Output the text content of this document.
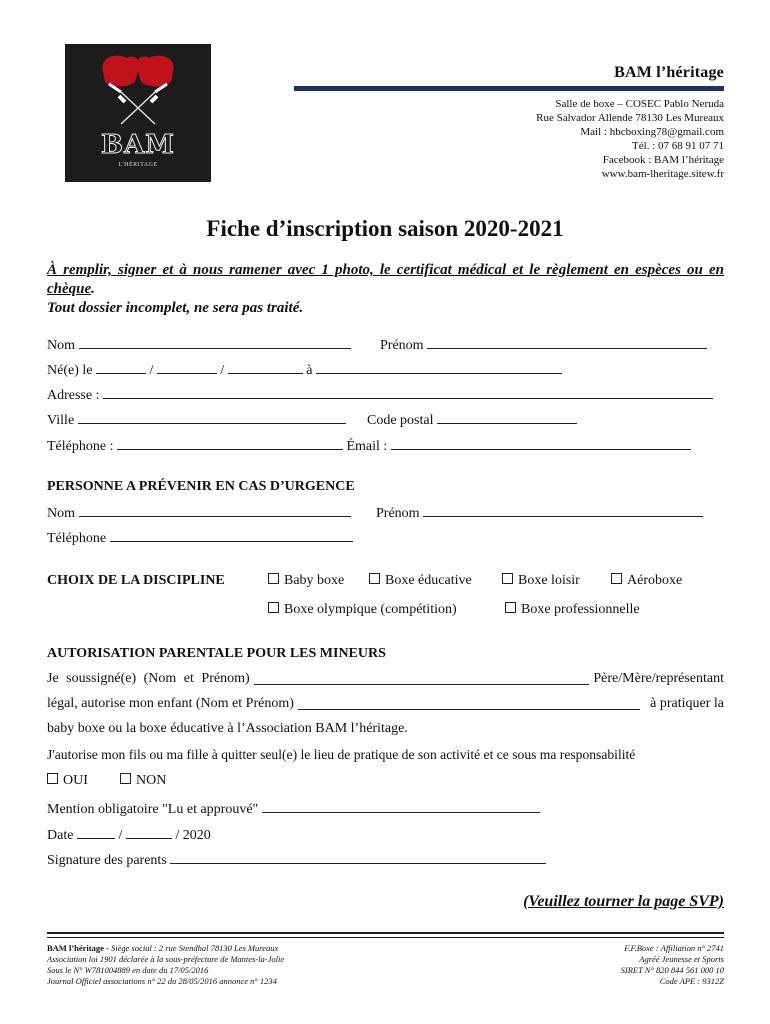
BAM
L'HÉRITAGE
BAM l’héritage
Salle de boxe – COSEC Pablo Neruda
Rue Salvador Allende 78130 Les Mureaux
Mail : hbcboxing78@gmail.com
Tél. : 07 68 91 07 71
Facebook : BAM l’héritage
www.bam-lheritage.sitew.fr
Fiche d’inscription saison 2020-2021
À remplir, signer et à nous ramener avec 1 photo, le certificat médical et le règlement en espèces ou en chèque.
Tout dossier incomplet, ne sera pas traité.
Nom	Prénom
Né(e) le	/	/	à
Adresse :
Ville	Code postal
Téléphone :	Émail :
PERSONNE A PRÉVENIR EN CAS D’URGENCE
Nom	Prénom
Téléphone
CHOIX DE LA DISCIPLINE	Baby boxe	Boxe éducative	Boxe loisir	Aéroboxe
Boxe olympique (compétition)	Boxe professionnelle
AUTORISATION PARENTALE POUR LES MINEURS
Je soussigné(e) (Nom et Prénom)	Père/Mère/représentant
légal, autorise mon enfant (Nom et Prénom)	à pratiquer la
baby boxe ou la boxe éducative à l’Association BAM l’héritage.
J'autorise mon fils ou ma fille à quitter seul(e) le lieu de pratique de son activité et ce sous ma responsabilité
OUI	NON
Mention obligatoire "Lu et approuvé"
Date	/	/ 2020
Signature des parents
(Veuillez tourner la page SVP)
BAM l’héritage - Siège social : 2 rue Stendhal 78130 Les Mureaux
Association loi 1901 déclarée à la sous-préfecture de Mantes-la-Jolie
Sous le N° W781004889 en date du 17/05/2016
Journal Officiel associations n° 22 du 28/05/2016 annonce n° 1234
F.F.Boxe : Affiliation n° 2741
Agréé Jeunesse et Sports
SIRET N° 820 844 561 000 10
Code APE : 9312Z
